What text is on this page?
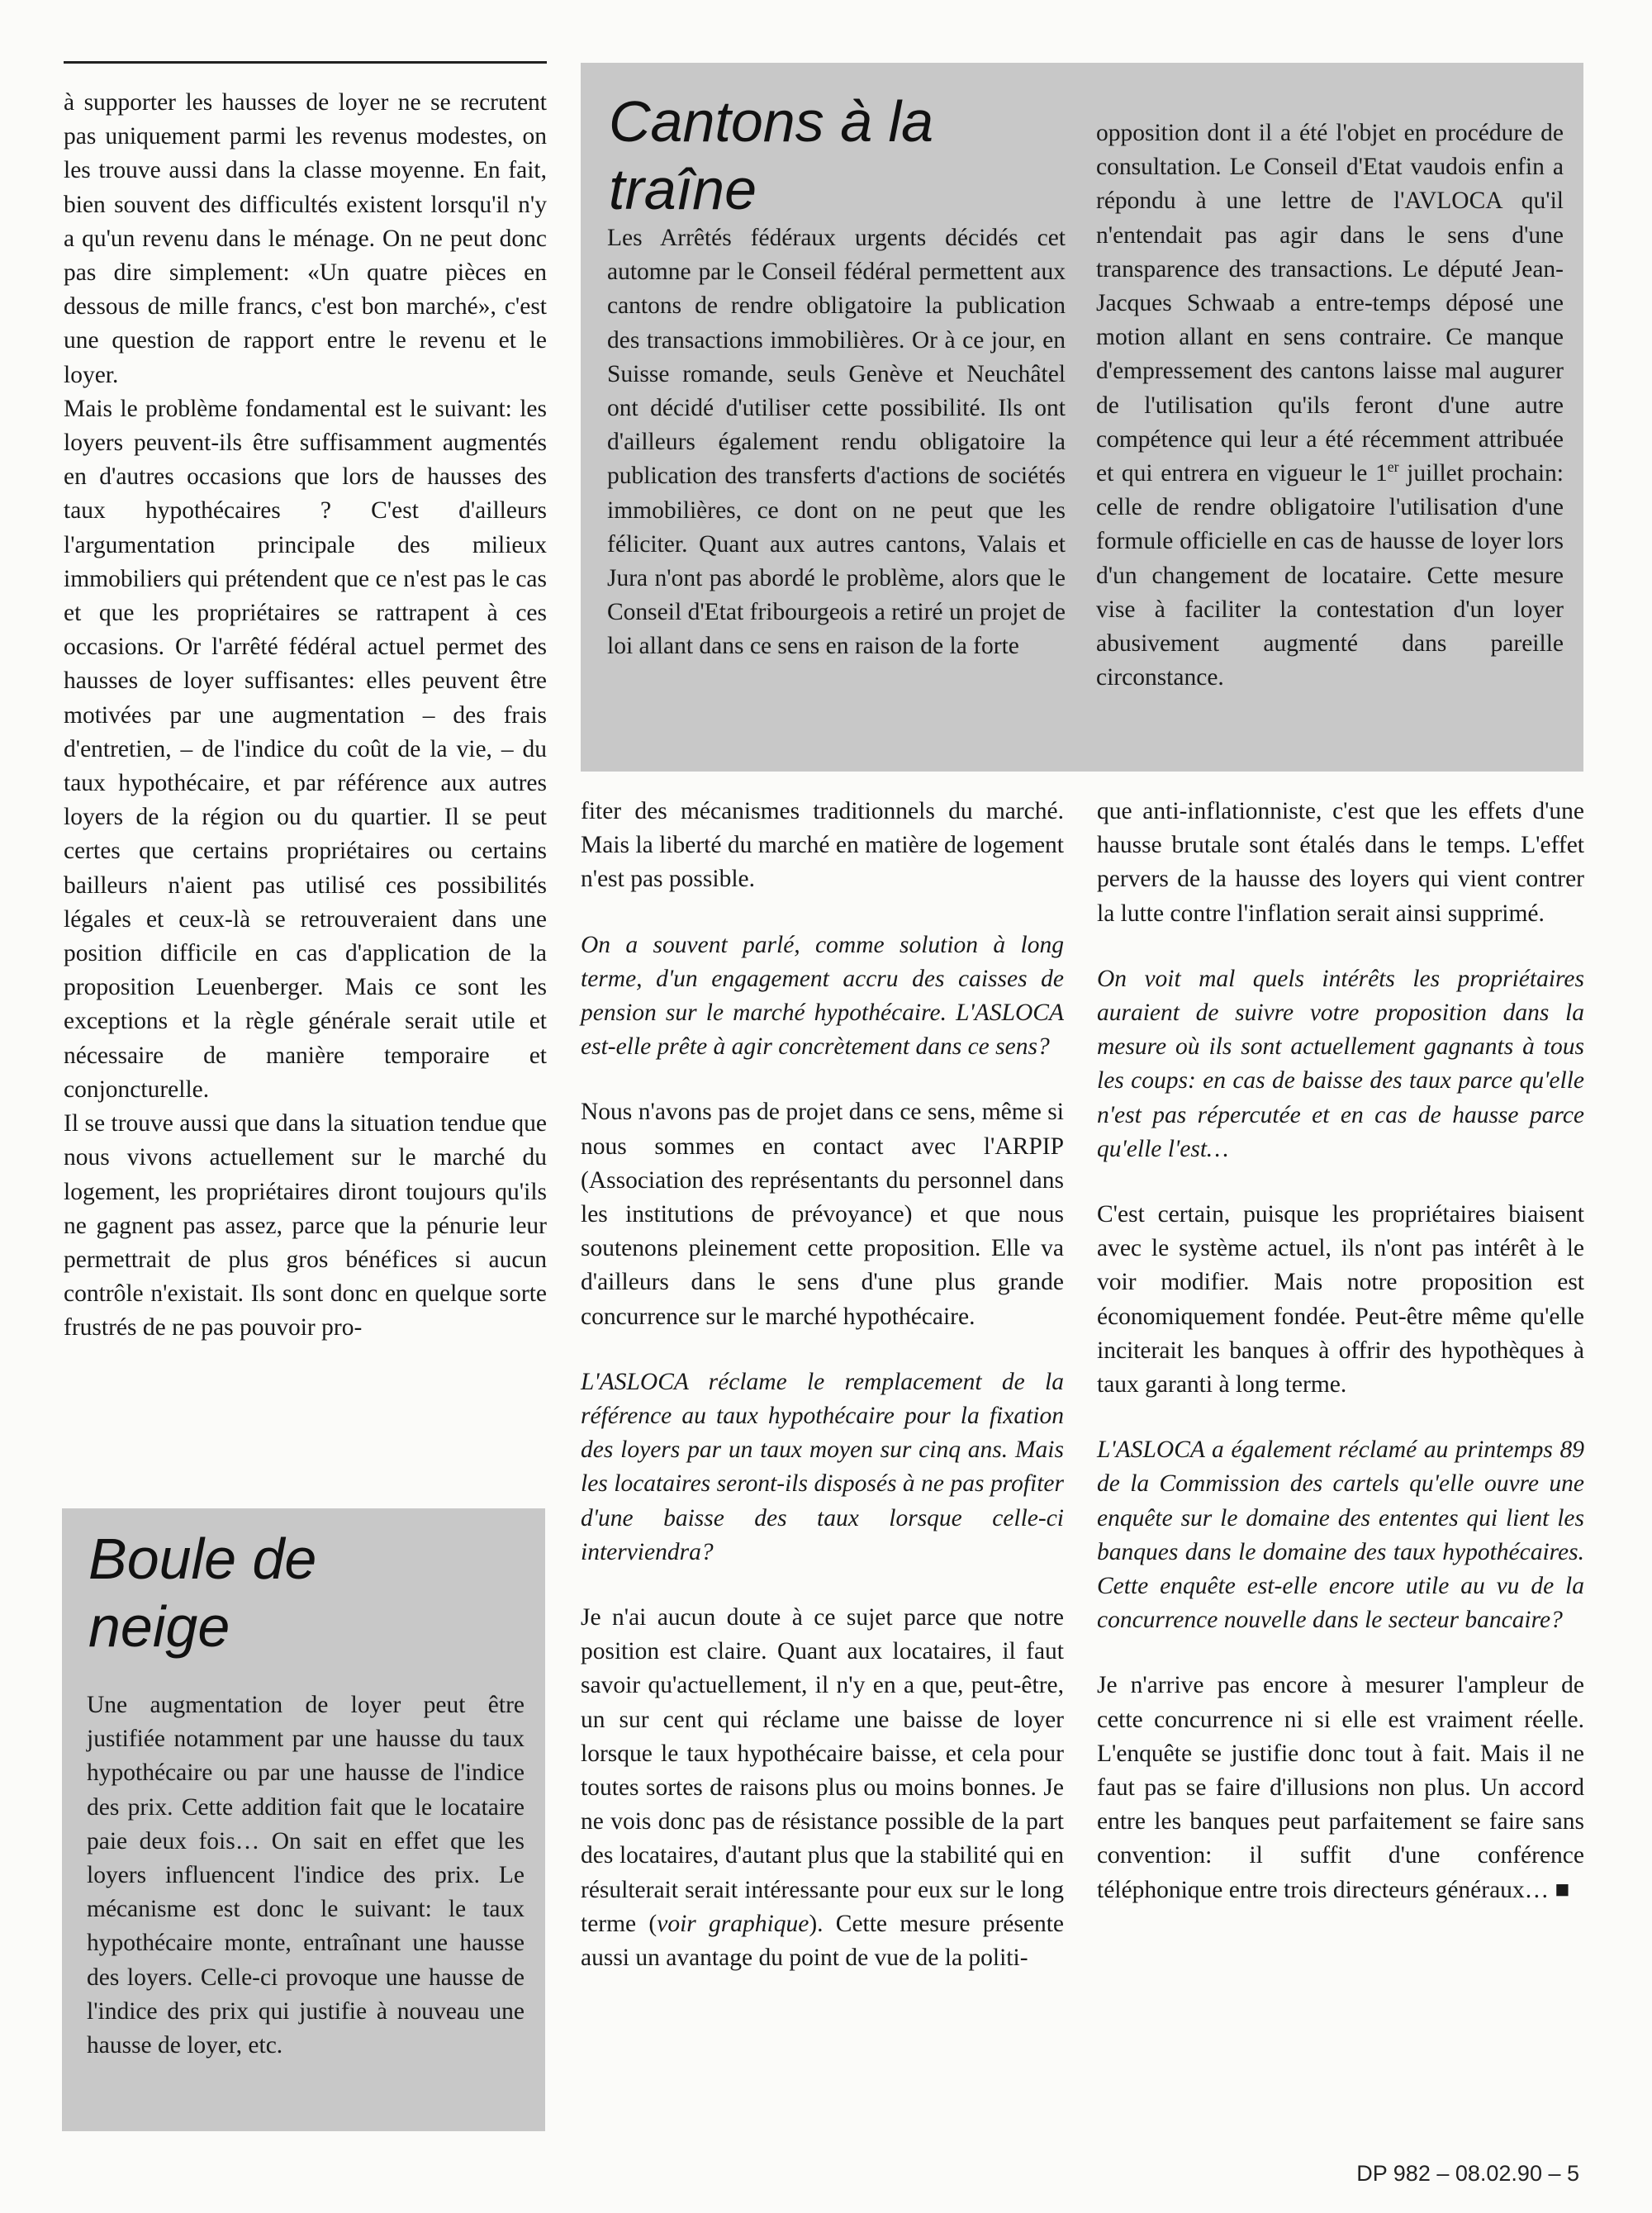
à supporter les hausses de loyer ne se recrutent pas uniquement parmi les revenus modestes, on les trouve aussi dans la classe moyenne. En fait, bien souvent des difficultés existent lorsqu'il n'y a qu'un revenu dans le ménage. On ne peut donc pas dire simplement: «Un quatre pièces en dessous de mille francs, c'est bon marché», c'est une question de rapport entre le revenu et le loyer.

Mais le problème fondamental est le suivant: les loyers peuvent-ils être suffisamment augmentés en d'autres occasions que lors de hausses des taux hypothécaires ? C'est d'ailleurs l'argumentation principale des milieux immobiliers qui prétendent que ce n'est pas le cas et que les propriétaires se rattrapent à ces occasions. Or l'arrêté fédéral actuel permet des hausses de loyer suffisantes: elles peuvent être motivées par une augmentation – des frais d'entretien, – de l'indice du coût de la vie, – du taux hypothécaire, et par référence aux autres loyers de la région ou du quartier. Il se peut certes que certains propriétaires ou certains bailleurs n'aient pas utilisé ces possibilités légales et ceux-là se retrouveraient dans une position difficile en cas d'application de la proposition Leuenberger. Mais ce sont les exceptions et la règle générale serait utile et nécessaire de manière temporaire et conjoncturelle.

Il se trouve aussi que dans la situation tendue que nous vivons actuellement sur le marché du logement, les propriétaires diront toujours qu'ils ne gagnent pas assez, parce que la pénurie leur permettrait de plus gros bénéfices si aucun contrôle n'existait. Ils sont donc en quelque sorte frustrés de ne pas pouvoir pro-

Boule de
neige

Une augmentation de loyer peut être justifiée notamment par une hausse du taux hypothécaire ou par une hausse de l'indice des prix. Cette addition fait que le locataire paie deux fois… On sait en effet que les loyers influencent l'indice des prix. Le mécanisme est donc le suivant: le taux hypothécaire monte, entraînant une hausse des loyers. Celle-ci provoque une hausse de l'indice des prix qui justifie à nouveau une hausse de loyer, etc.

Cantons à la
traîne

Les Arrêtés fédéraux urgents décidés cet automne par le Conseil fédéral permettent aux cantons de rendre obligatoire la publication des transactions immobilières. Or à ce jour, en Suisse romande, seuls Genève et Neuchâtel ont décidé d'utiliser cette possibilité. Ils ont d'ailleurs également rendu obligatoire la publication des transferts d'actions de sociétés immobilières, ce dont on ne peut que les féliciter. Quant aux autres cantons, Valais et Jura n'ont pas abordé le problème, alors que le Conseil d'Etat fribourgeois a retiré un projet de loi allant dans ce sens en raison de la forte

opposition dont il a été l'objet en procédure de consultation. Le Conseil d'Etat vaudois enfin a répondu à une lettre de l'AVLOCA qu'il n'entendait pas agir dans le sens d'une transparence des transactions. Le député Jean-Jacques Schwaab a entre-temps déposé une motion allant en sens contraire. Ce manque d'empressement des cantons laisse mal augurer de l'utilisation qu'ils feront d'une autre compétence qui leur a été récemment attribuée et qui entrera en vigueur le 1er juillet prochain: celle de rendre obligatoire l'utilisation d'une formule officielle en cas de hausse de loyer lors d'un changement de locataire. Cette mesure vise à faciliter la contestation d'un loyer abusivement augmenté dans pareille circonstance.

fiter des mécanismes traditionnels du marché. Mais la liberté du marché en matière de logement n'est pas possible.

On a souvent parlé, comme solution à long terme, d'un engagement accru des caisses de pension sur le marché hypothécaire. L'ASLOCA est-elle prête à agir concrètement dans ce sens?

Nous n'avons pas de projet dans ce sens, même si nous sommes en contact avec l'ARPIP (Association des représentants du personnel dans les institutions de prévoyance) et que nous soutenons pleinement cette proposition. Elle va d'ailleurs dans le sens d'une plus grande concurrence sur le marché hypothécaire.

L'ASLOCA réclame le remplacement de la référence au taux hypothécaire pour la fixation des loyers par un taux moyen sur cinq ans. Mais les locataires seront-ils disposés à ne pas profiter d'une baisse des taux lorsque celle-ci interviendra?

Je n'ai aucun doute à ce sujet parce que notre position est claire. Quant aux locataires, il faut savoir qu'actuellement, il n'y en a que, peut-être, un sur cent qui réclame une baisse de loyer lorsque le taux hypothécaire baisse, et cela pour toutes sortes de raisons plus ou moins bonnes. Je ne vois donc pas de résistance possible de la part des locataires, d'autant plus que la stabilité qui en résulterait serait intéressante pour eux sur le long terme (voir graphique). Cette mesure présente aussi un avantage du point de vue de la politi-

que anti-inflationniste, c'est que les effets d'une hausse brutale sont étalés dans le temps. L'effet pervers de la hausse des loyers qui vient contrer la lutte contre l'inflation serait ainsi supprimé.

On voit mal quels intérêts les propriétaires auraient de suivre votre proposition dans la mesure où ils sont actuellement gagnants à tous les coups: en cas de baisse des taux parce qu'elle n'est pas répercutée et en cas de hausse parce qu'elle l'est…

C'est certain, puisque les propriétaires biaisent avec le système actuel, ils n'ont pas intérêt à le voir modifier. Mais notre proposition est économiquement fondée. Peut-être même qu'elle inciterait les banques à offrir des hypothèques à taux garanti à long terme.

L'ASLOCA a également réclamé au printemps 89 de la Commission des cartels qu'elle ouvre une enquête sur le domaine des ententes qui lient les banques dans le domaine des taux hypothécaires. Cette enquête est-elle encore utile au vu de la concurrence nouvelle dans le secteur bancaire?

Je n'arrive pas encore à mesurer l'ampleur de cette concurrence ni si elle est vraiment réelle. L'enquête se justifie donc tout à fait. Mais il ne faut pas se faire d'illusions non plus. Un accord entre les banques peut parfaitement se faire sans convention: il suffit d'une conférence téléphonique entre trois directeurs généraux… ■

DP 982 – 08.02.90 – 5
